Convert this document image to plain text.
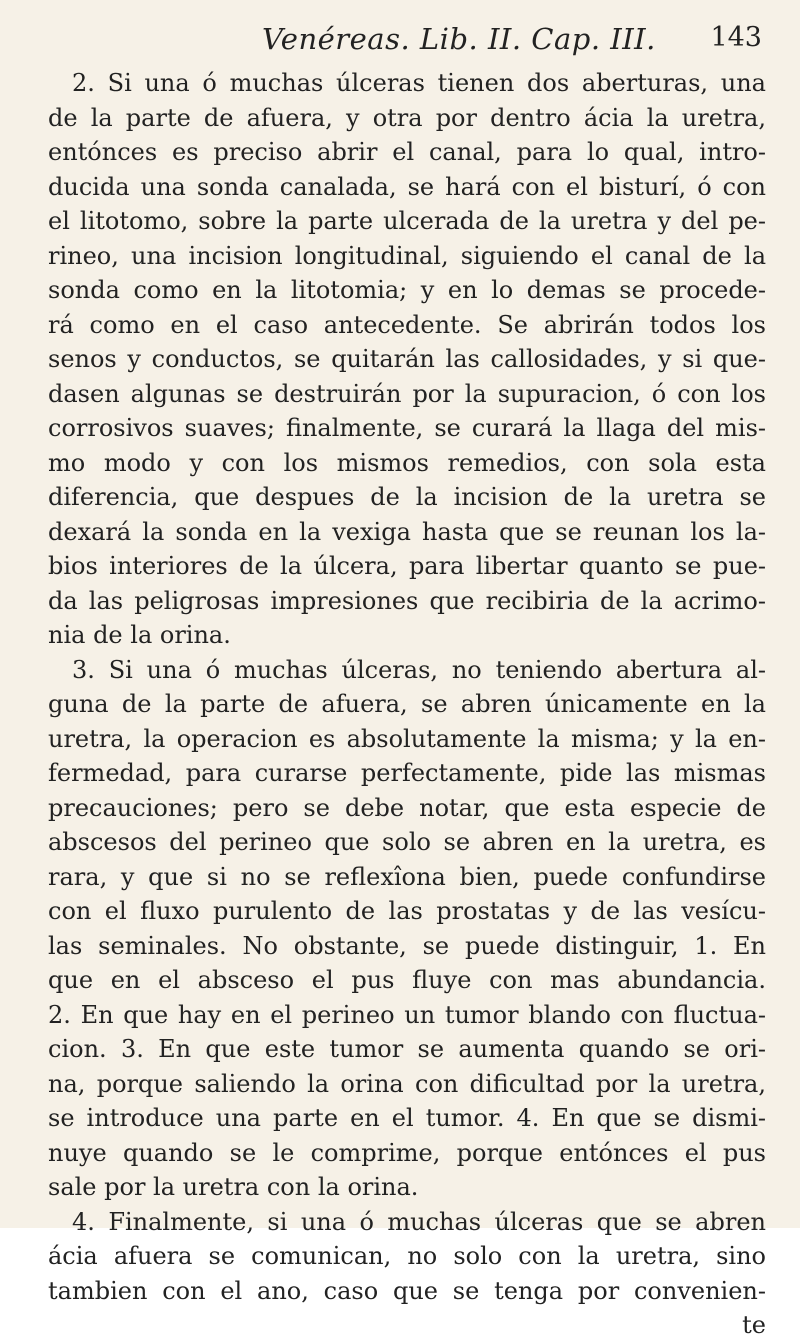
Venéreas. Lib. II. Cap. III. 143
2. Si una ó muchas úlceras tienen dos aberturas, una
de la parte de afuera, y otra por dentro ácia la uretra,
entónces es preciso abrir el canal, para lo qual, intro-
ducida una sonda canalada, se hará con el bisturí, ó con
el litotomo, sobre la parte ulcerada de la uretra y del pe-
rineo, una incision longitudinal, siguiendo el canal de la
sonda como en la litotomia; y en lo demas se procede-
rá como en el caso antecedente. Se abrirán todos los
senos y conductos, se quitarán las callosidades, y si que-
dasen algunas se destruirán por la supuracion, ó con los
corrosivos suaves; finalmente, se curará la llaga del mis-
mo modo y con los mismos remedios, con sola esta
diferencia, que despues de la incision de la uretra se
dexará la sonda en la vexiga hasta que se reunan los la-
bios interiores de la úlcera, para libertar quanto se pue-
da las peligrosas impresiones que recibiria de la acrimo-
nia de la orina.
3. Si una ó muchas úlceras, no teniendo abertura al-
guna de la parte de afuera, se abren únicamente en la
uretra, la operacion es absolutamente la misma; y la en-
fermedad, para curarse perfectamente, pide las mismas
precauciones; pero se debe notar, que esta especie de
abscesos del perineo que solo se abren en la uretra, es
rara, y que si no se reflexîona bien, puede confundirse
con el fluxo purulento de las prostatas y de las vesícu-
las seminales. No obstante, se puede distinguir, 1. En
que en el absceso el pus fluye con mas abundancia.
2. En que hay en el perineo un tumor blando con fluctua-
cion. 3. En que este tumor se aumenta quando se ori-
na, porque saliendo la orina con dificultad por la uretra,
se introduce una parte en el tumor. 4. En que se dismi-
nuye quando se le comprime, porque entónces el pus
sale por la uretra con la orina.
4. Finalmente, si una ó muchas úlceras que se abren
ácia afuera se comunican, no solo con la uretra, sino
tambien con el ano, caso que se tenga por convenien-
te
